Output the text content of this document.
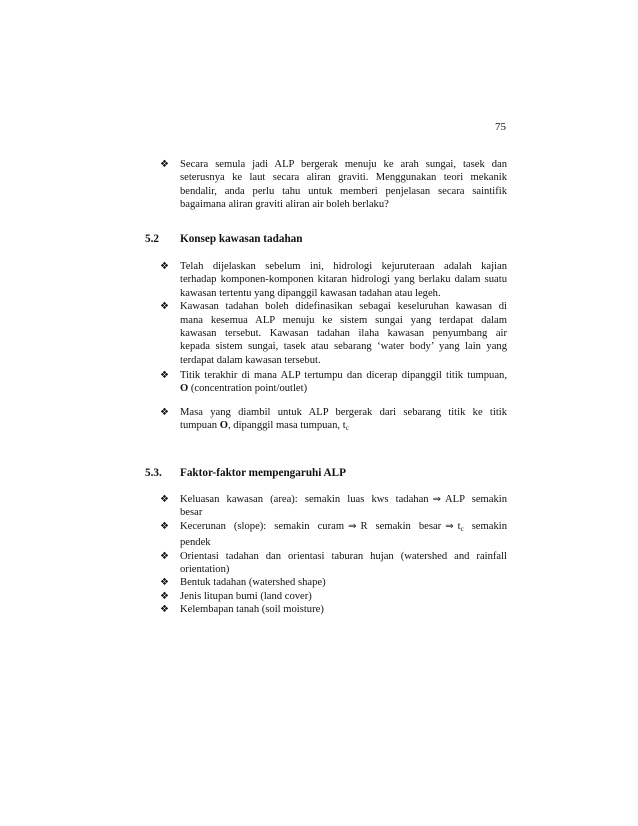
75
❖ Secara semula jadi ALP bergerak menuju ke arah sungai, tasek dan
seterusnya ke laut secara aliran graviti. Menggunakan teori mekanik
bendalir, anda perlu tahu untuk memberi penjelasan secara saintifik
bagaimana aliran graviti aliran air boleh berlaku?
5.2 Konsep kawasan tadahan
❖ Telah dijelaskan sebelum ini, hidrologi kejuruteraan adalah kajian
terhadap komponen-komponen kitaran hidrologi yang berlaku dalam suatu
kawasan tertentu yang dipanggil kawasan tadahan atau legeh.
❖ Kawasan tadahan boleh didefinasikan sebagai keseluruhan kawasan di
mana kesemua ALP menuju ke sistem sungai yang terdapat dalam
kawasan tersebut. Kawasan tadahan ilaha kawasan penyumbang air
kepada sistem sungai, tasek atau sebarang ‘water body’ yang lain yang
terdapat dalam kawasan tersebut.
❖ Titik terakhir di mana ALP tertumpu dan dicerap dipanggil titik tumpuan,
O (concentration point/outlet)
❖ Masa yang diambil untuk ALP bergerak dari sebarang titik ke titik
tumpuan O, dipanggil masa tumpuan, $t_c$
5.3. Faktor-faktor mempengaruhi ALP
❖ Keluasan kawasan (area): semakin luas kws tadahan ⇒ ALP semakin
besar
❖ Kecerunan (slope): semakin curam ⇒ R semakin besar ⇒ $t_c$ semakin
pendek
❖ Orientasi tadahan dan orientasi taburan hujan (watershed and rainfall
orientation)
❖ Bentuk tadahan (watershed shape)
❖ Jenis litupan bumi (land cover)
❖ Kelembapan tanah (soil moisture)
